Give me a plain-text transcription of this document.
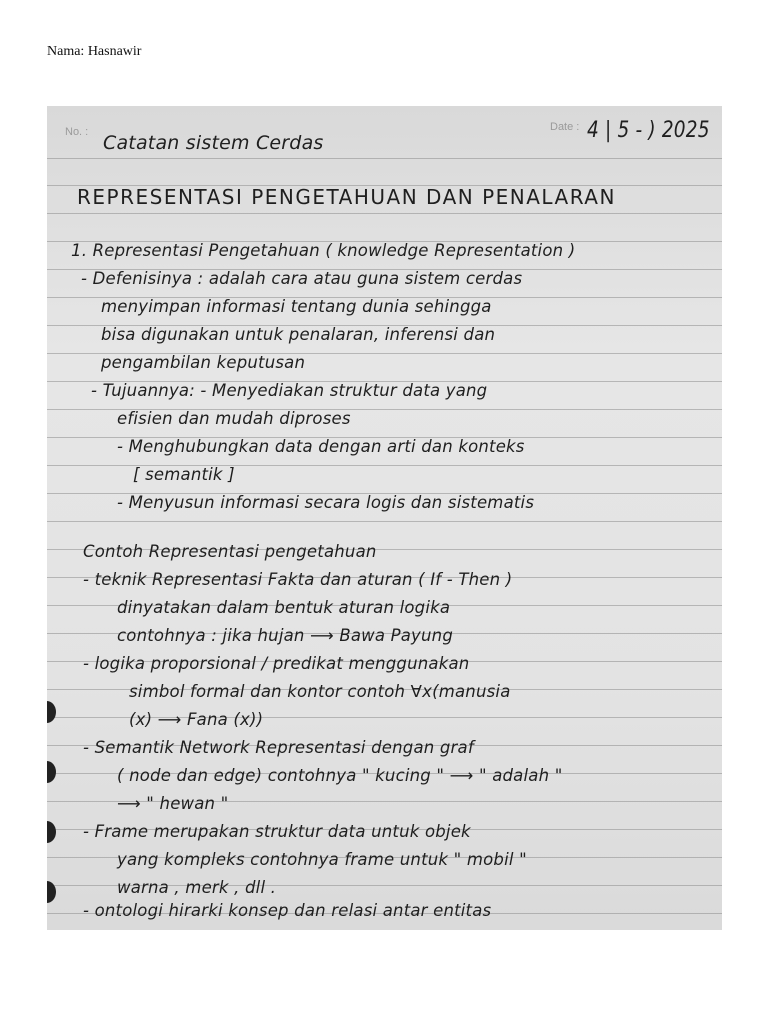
Nama: Hasnawir
No. :	Date : 4 | 5 - ) 2025
Catatan sistem Cerdas
REPRESENTASI PENGETAHUAN DAN PENALARAN
1. Representasi Pengetahuan ( knowledge Representation )
- Defenisinya : adalah cara atau guna sistem cerdas
menyimpan informasi tentang dunia sehingga
bisa digunakan untuk penalaran, inferensi dan
pengambilan keputusan
- Tujuannya: - Menyediakan struktur data yang
efisien dan mudah diproses
- Menghubungkan data dengan arti dan konteks
[ semantik ]
- Menyusun informasi secara logis dan sistematis
Contoh Representasi pengetahuan
- teknik Representasi Fakta dan aturan ( If - Then )
dinyatakan dalam bentuk aturan logika
contohnya : jika hujan ⟶ Bawa Payung
- logika proporsional / predikat menggunakan
simbol formal dan kontor contoh ∀x(manusia
(x) ⟶ Fana (x))
- Semantik Network Representasi dengan graf
( node dan edge) contohnya " kucing " ⟶ " adalah "
⟶ " hewan "
- Frame merupakan struktur data untuk objek
yang kompleks contohnya frame untuk " mobil "
warna , merk , dll .
- ontologi hirarki konsep dan relasi antar entitas
